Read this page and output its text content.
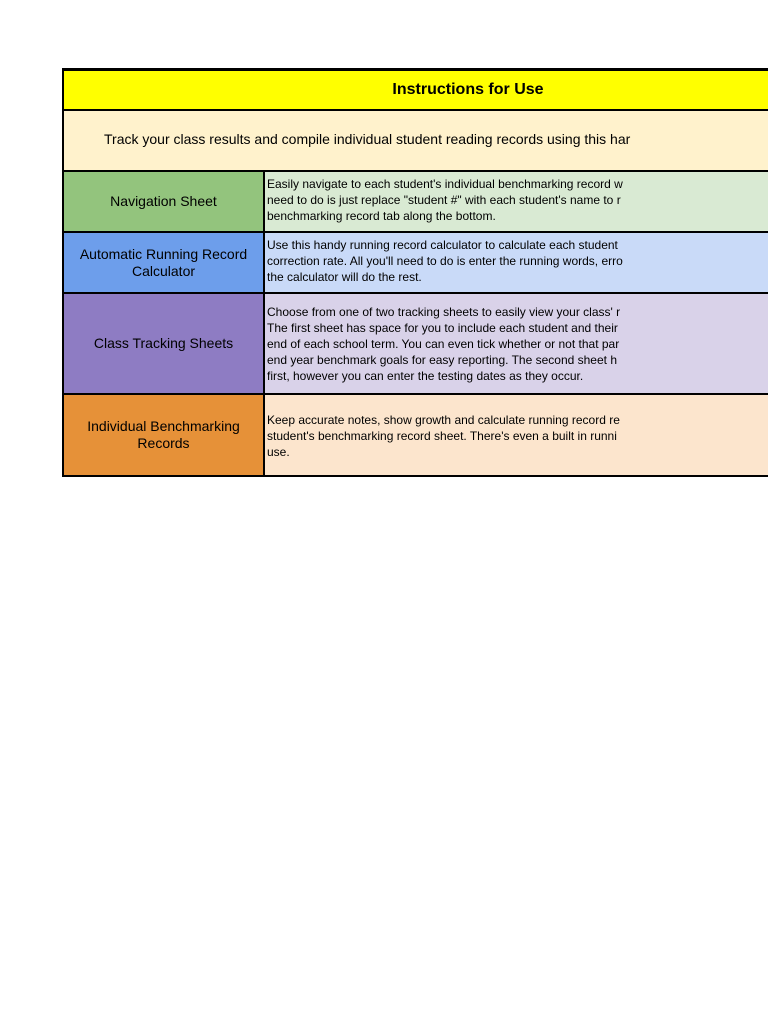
Instructions for Use
Track your class results and compile individual student reading records using this har
Navigation Sheet
Easily navigate to each student's individual benchmarking record w
need to do is just replace "student #" with each student's name to r
benchmarking record tab along the bottom.
Automatic Running Record Calculator
Use this handy running record calculator to calculate each student
correction rate. All you'll need to do is enter the running words, erro
the calculator will do the rest.
Class Tracking Sheets
Choose from one of two tracking sheets to easily view your class' r
The first sheet has space for you to include each student and their
end of each school term. You can even tick whether or not that par
end year benchmark goals for easy reporting. The second sheet h
first, however you can enter the testing dates as they occur.
Individual Benchmarking Records
Keep accurate notes, show growth and calculate running record re
student's benchmarking record sheet. There's even a built in runni
use.
